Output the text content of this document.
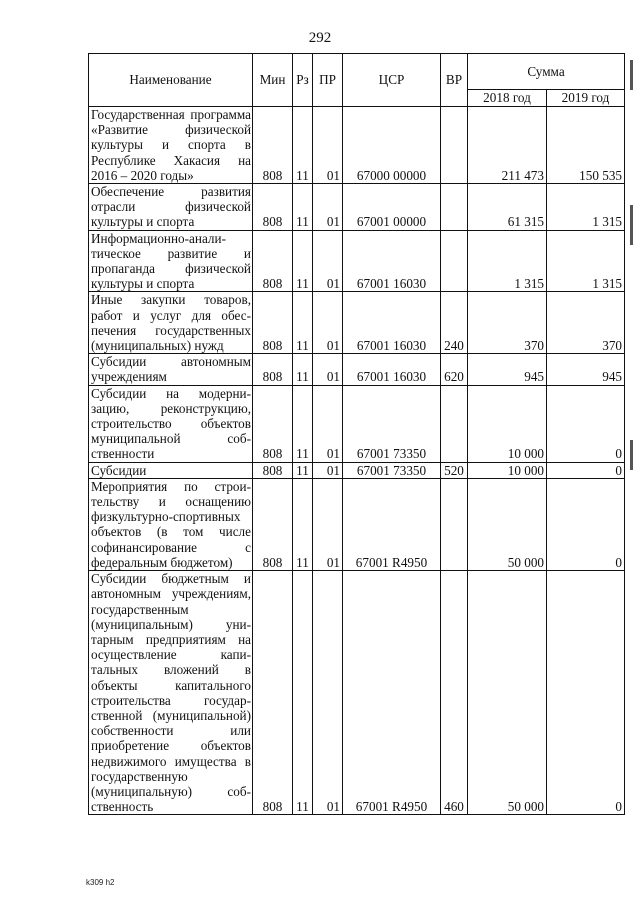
292
Наименование	Мин	Рз	ПР	ЦСР	ВР	Сумма	
						2018 год	2019 год
Государственная программа «Развитие физической культуры и спорта в Республике Хакасия на 2016 – 2020 годы»	808	11	01	67000 00000		211 473	150 535
Обеспечение развития отрасли физической культуры и спорта	808	11	01	67001 00000		61 315	1 315
Информационно-аналитическое развитие и пропаганда физической культуры и спорта	808	11	01	67001 16030		1 315	1 315
Иные закупки товаров, работ и услуг для обеспечения государственных (муниципальных) нужд	808	11	01	67001 16030	240	370	370
Субсидии автономным учреждениям	808	11	01	67001 16030	620	945	945
Субсидии на модернизацию, реконструкцию, строительство объектов муниципальной собственности	808	11	01	67001 73350		10 000	0
Субсидии	808	11	01	67001 73350	520	10 000	0
Мероприятия по строительству и оснащению физкультурно-спортивных объектов (в том числе софинансирование с федеральным бюджетом)	808	11	01	67001 R4950		50 000	0
Субсидии бюджетным и автономным учреждениям, государственным (муниципальным) унитарным предприятиям на осуществление капитальных вложений в объекты капитального строительства государственной (муниципальной) собственности или приобретение объектов недвижимого имущества в государственную (муниципальную) собственность	808	11	01	67001 R4950	460	50 000	0
k309 h2
